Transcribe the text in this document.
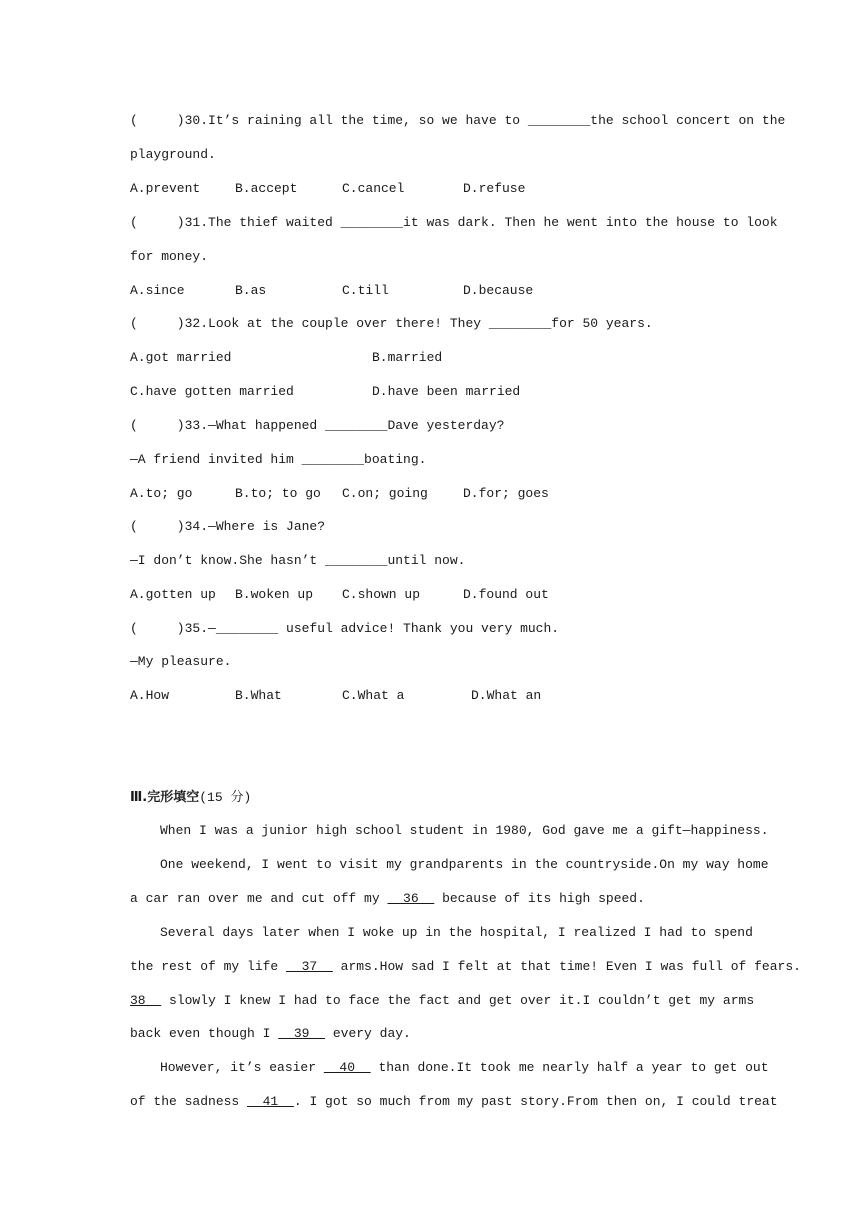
(     )30.It’s raining all the time, so we have to ________the school concert on the
playground.

A.prevent

	B.accept

	C.cancel

	D.refuse

(     )31.The thief waited ________it was dark. Then he went into the house to look
for money.

A.since

	B.as

	C.till

	D.because

(     )32.Look at the couple over there! They ________for 50 years.

A.got married

	B.married

C.have gotten married

	D.have been married

(     )33.—What happened ________Dave yesterday?
—A friend invited him ________boating.

A.to; go

	B.to; to go

C.on; going

	D.for; goes

(     )34.—Where is Jane?
—I don’t know.She hasn’t ________until now.

A.gotten up

B.woken up

C.shown up

	D.found out

(     )35.—________ useful advice! Thank you very much.
—My pleasure.

A.How

	B.What

	C.What a

	D.What an

Ⅲ.完形填空(15 分)
When I was a junior high school student in 1980, God gave me a gift—happiness.
One weekend, I went to visit my grandparents in the countryside.On my way home
a car ran over me and cut off my   36   because of its high speed.
Several days later when I woke up in the hospital, I realized I had to spend
the rest of my life   37   arms.How sad I felt at that time! Even I was full of fears.
38   slowly I knew I had to face the fact and get over it.I couldn’t get my arms
back even though I   39   every day.
However, it’s easier   40   than done.It took me nearly half a year to get out
of the sadness   41  . I got so much from my past story.From then on, I could treat
